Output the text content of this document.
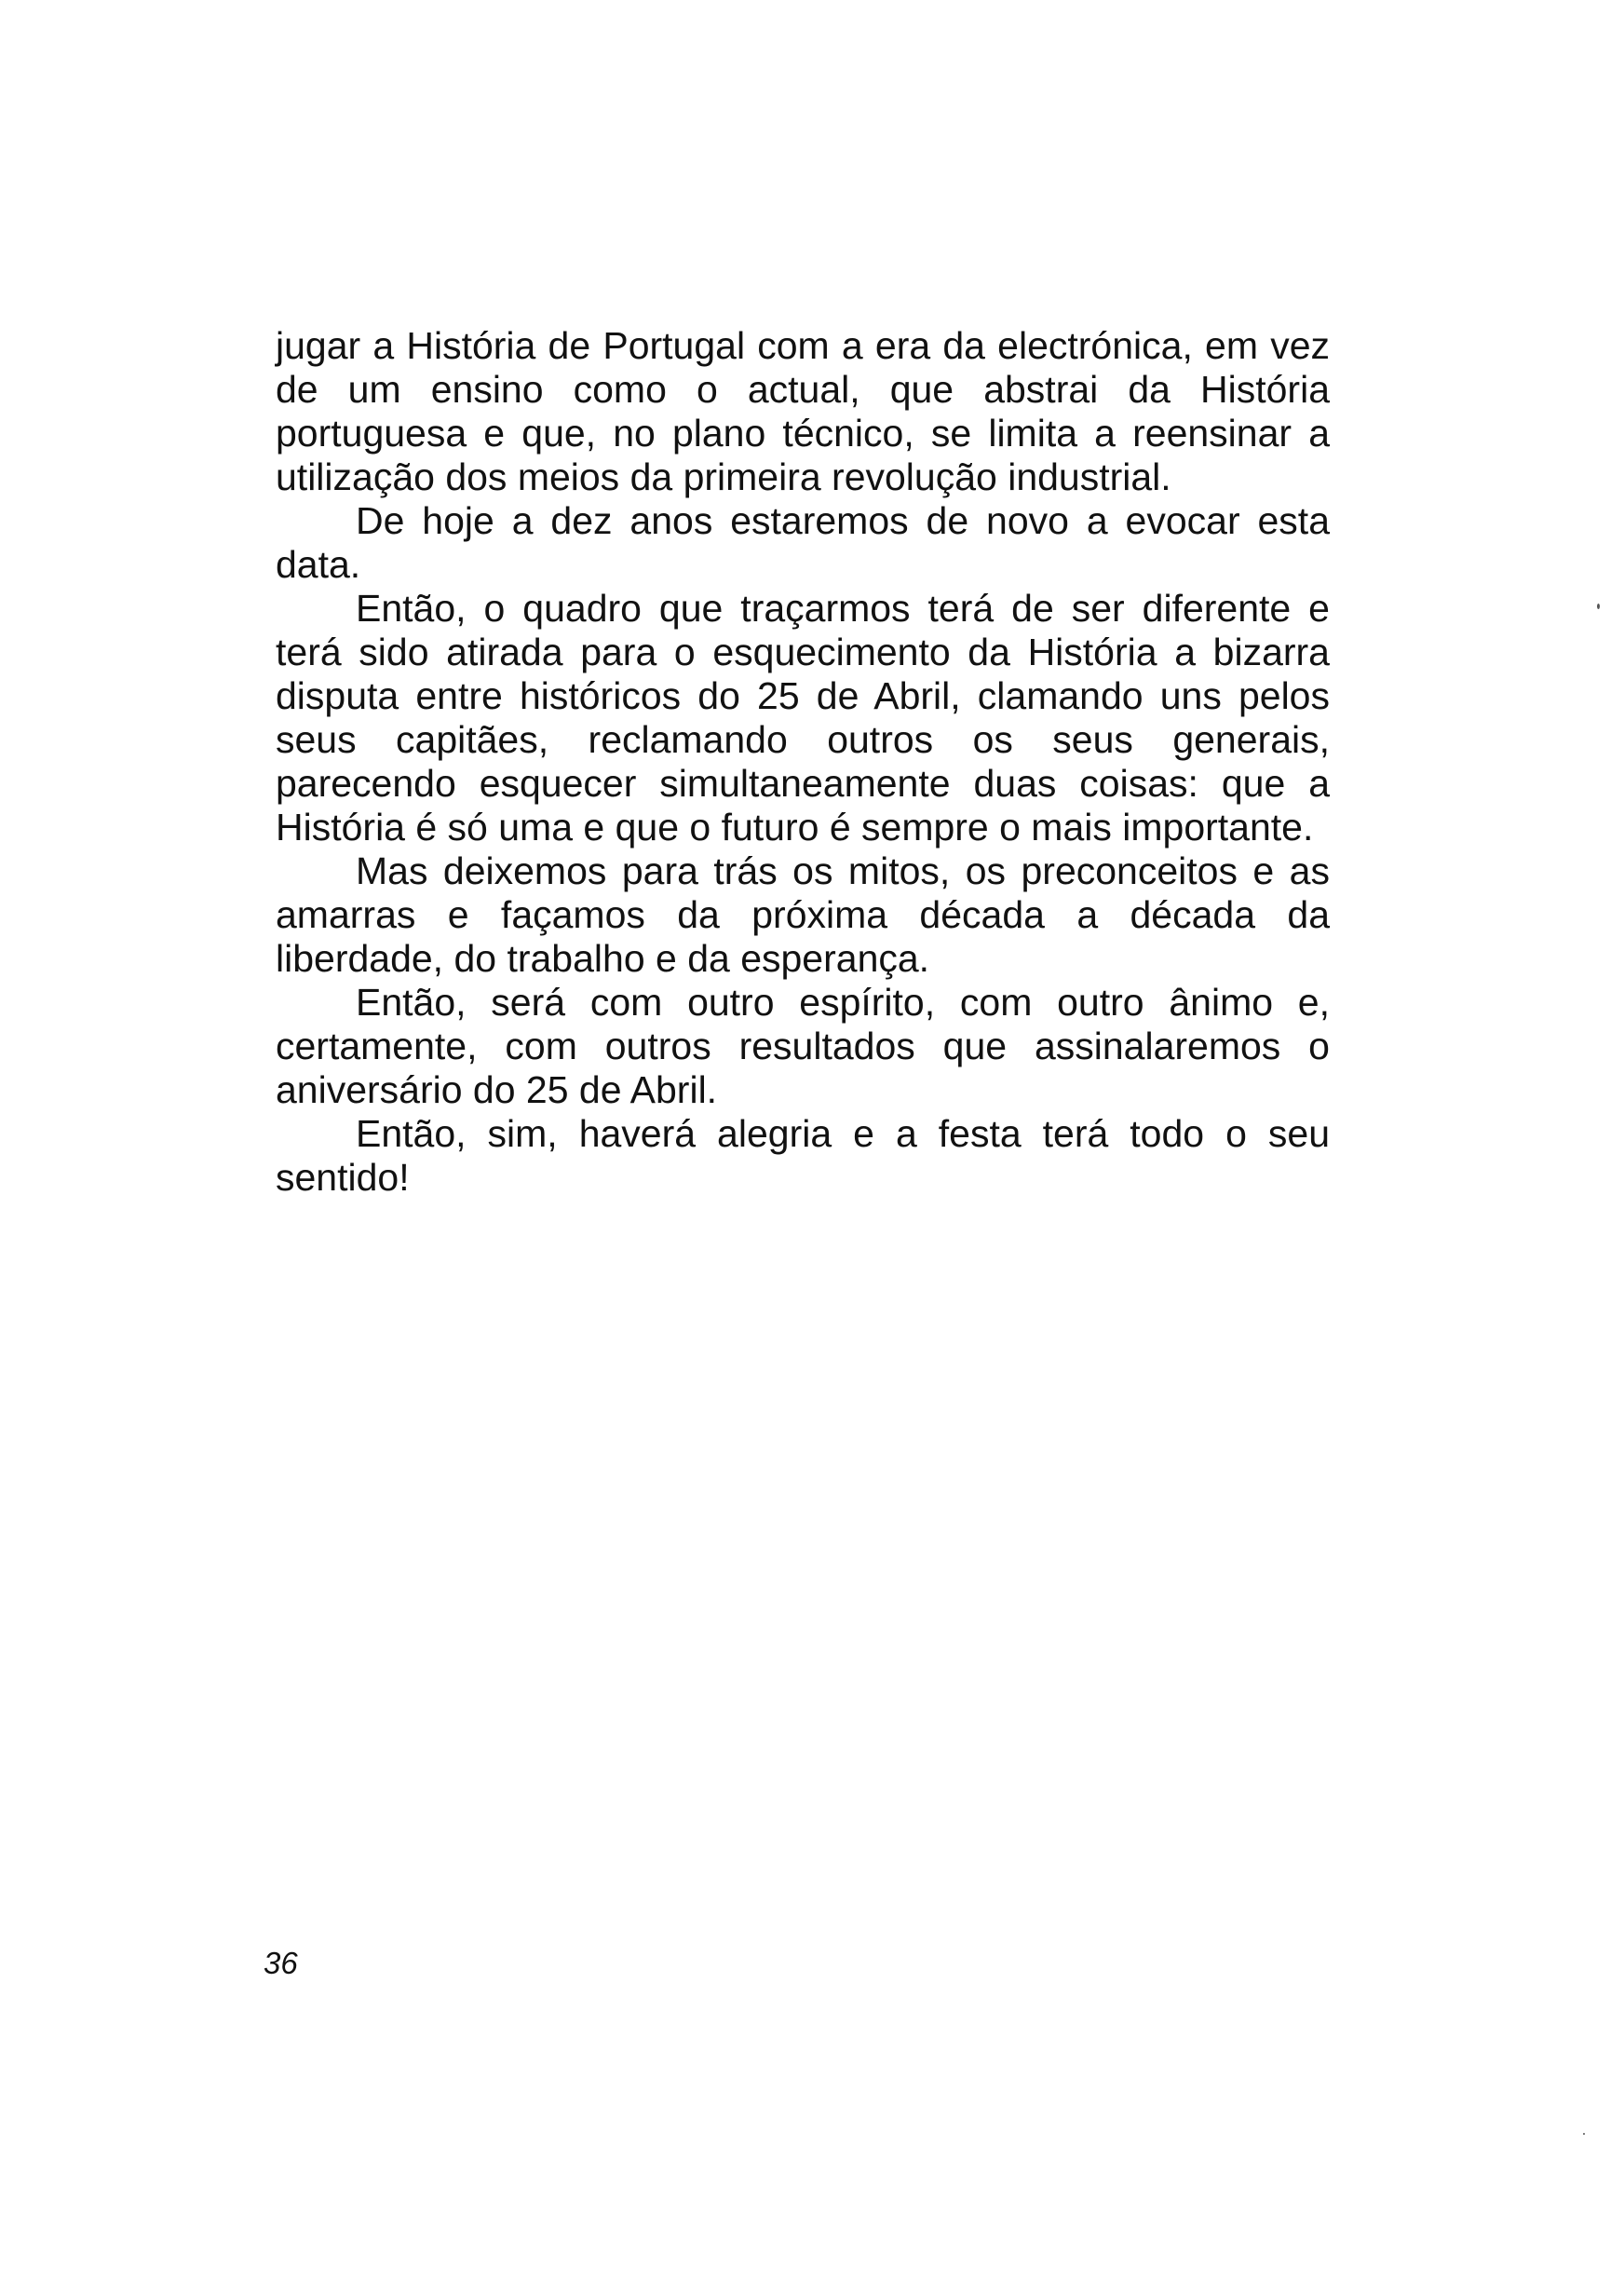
jugar a História de Portugal com a era da electrónica, em vez de um ensino como o actual, que abstrai da História portuguesa e que, no plano técnico, se limita a reensinar a utilização dos meios da primeira revolução industrial.

De hoje a dez anos estaremos de novo a evocar esta data.

Então, o quadro que traçarmos terá de ser diferente e terá sido atirada para o esquecimento da História a bizarra disputa entre históricos do 25 de Abril, clamando uns pelos seus capitães, reclamando outros os seus generais, parecendo esquecer simultaneamente duas coisas: que a História é só uma e que o futuro é sempre o mais importante.

Mas deixemos para trás os mitos, os preconceitos e as amarras e façamos da próxima década a década da liberdade, do trabalho e da esperança.

Então, será com outro espírito, com outro ânimo e, certamente, com outros resultados que assinalaremos o aniversário do 25 de Abril.

Então, sim, haverá alegria e a festa terá todo o seu sentido!

36
